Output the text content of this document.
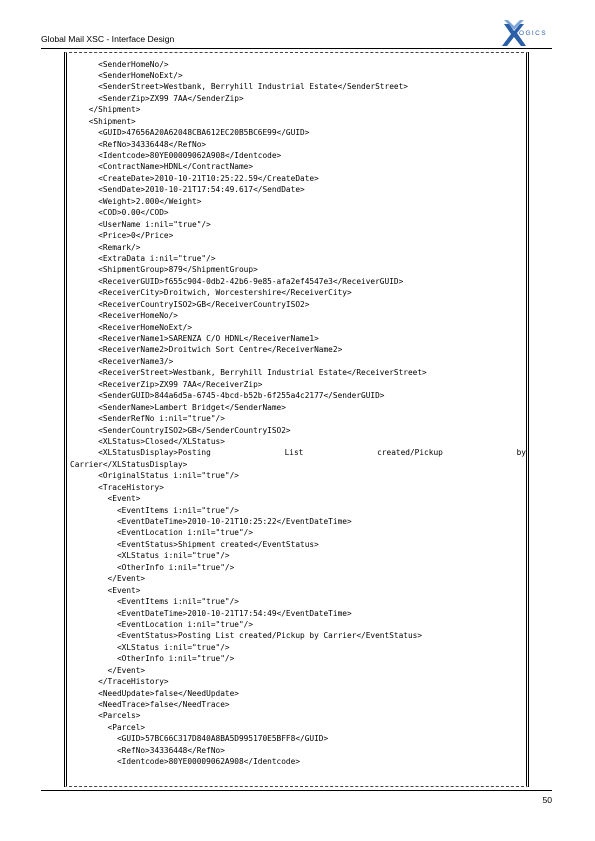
Global Mail XSC - Interface Design
LOGICS
<SenderHomeNo/>
<SenderHomeNoExt/>
<SenderStreet>Westbank, Berryhill Industrial Estate</SenderStreet>
<SenderZip>ZX99 7AA</SenderZip>
</Shipment>
<Shipment>
<GUID>47656A20A62048CBA612EC20B5BC6E99</GUID>
<RefNo>34336448</RefNo>
<Identcode>80YE00009062A908</Identcode>
<ContractName>HDNL</ContractName>
<CreateDate>2010-10-21T10:25:22.59</CreateDate>
<SendDate>2010-10-21T17:54:49.617</SendDate>
<Weight>2.000</Weight>
<COD>0.00</COD>
<UserName i:nil="true"/>
<Price>0</Price>
<Remark/>
<ExtraData i:nil="true"/>
<ShipmentGroup>879</ShipmentGroup>
<ReceiverGUID>f655c904-0db2-42b6-9e85-afa2ef4547e3</ReceiverGUID>
<ReceiverCity>Droitwich, Worcestershire</ReceiverCity>
<ReceiverCountryISO2>GB</ReceiverCountryISO2>
<ReceiverHomeNo/>
<ReceiverHomeNoExt/>
<ReceiverName1>SARENZA C/O HDNL</ReceiverName1>
<ReceiverName2>Droitwich Sort Centre</ReceiverName2>
<ReceiverName3/>
<ReceiverStreet>Westbank, Berryhill Industrial Estate</ReceiverStreet>
<ReceiverZip>ZX99 7AA</ReceiverZip>
<SenderGUID>844a6d5a-6745-4bcd-b52b-6f255a4c2177</SenderGUID>
<SenderName>Lambert Bridget</SenderName>
<SenderRefNo i:nil="true"/>
<SenderCountryISO2>GB</SenderCountryISO2>
<XLStatus>Closed</XLStatus>
<XLStatusDisplay>Posting	List	created/Pickup	by
Carrier</XLStatusDisplay>
<OriginalStatus i:nil="true"/>
<TraceHistory>
<Event>
<EventItems i:nil="true"/>
<EventDateTime>2010-10-21T10:25:22</EventDateTime>
<EventLocation i:nil="true"/>
<EventStatus>Shipment created</EventStatus>
<XLStatus i:nil="true"/>
<OtherInfo i:nil="true"/>
</Event>
<Event>
<EventItems i:nil="true"/>
<EventDateTime>2010-10-21T17:54:49</EventDateTime>
<EventLocation i:nil="true"/>
<EventStatus>Posting List created/Pickup by Carrier</EventStatus>
<XLStatus i:nil="true"/>
<OtherInfo i:nil="true"/>
</Event>
</TraceHistory>
<NeedUpdate>false</NeedUpdate>
<NeedTrace>false</NeedTrace>
<Parcels>
<Parcel>
<GUID>57BC66C317D840A8BA5D995170E5BFF8</GUID>
<RefNo>34336448</RefNo>
<Identcode>80YE00009062A908</Identcode>
50
